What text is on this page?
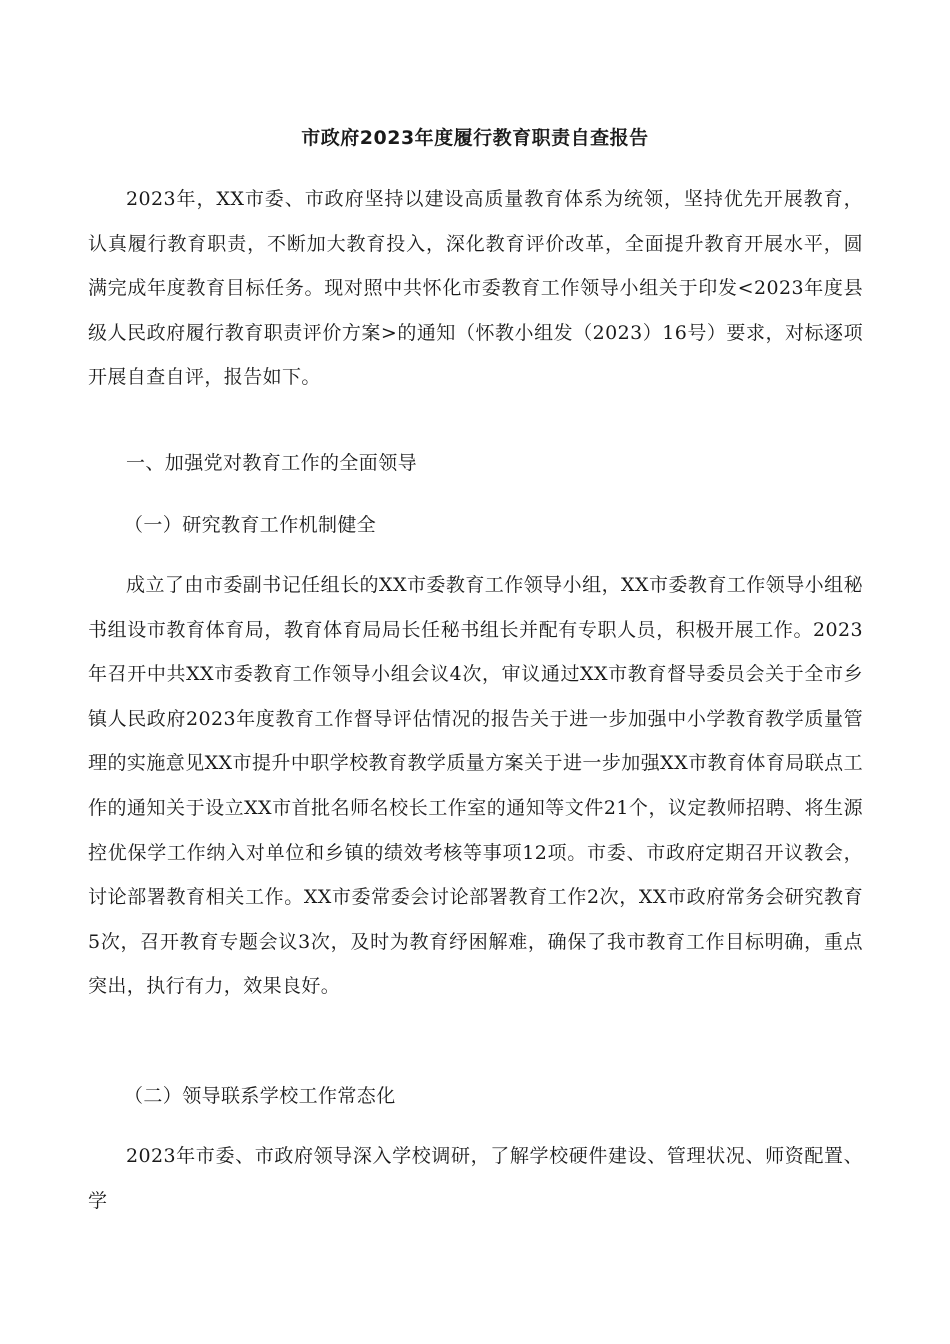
市政府2023年度履行教育职责自查报告

2023年，XX市委、市政府坚持以建设高质量教育体系为统领，坚持优先开展教育，认真履行教育职责，不断加大教育投入，深化教育评价改革，全面提升教育开展水平，圆满完成年度教育目标任务。现对照中共怀化市委教育工作领导小组关于印发<2023年度县级人民政府履行教育职责评价方案>的通知（怀教小组发（2023）16号）要求，对标逐项开展自查自评，报告如下。

一、加强党对教育工作的全面领导

（一）研究教育工作机制健全

成立了由市委副书记任组长的XX市委教育工作领导小组，XX市委教育工作领导小组秘书组设市教育体育局，教育体育局局长任秘书组长并配有专职人员，积极开展工作。2023年召开中共XX市委教育工作领导小组会议4次，审议通过XX市教育督导委员会关于全市乡镇人民政府2023年度教育工作督导评估情况的报告关于进一步加强中小学教育教学质量管理的实施意见XX市提升中职学校教育教学质量方案关于进一步加强XX市教育体育局联点工作的通知关于设立XX市首批名师名校长工作室的通知等文件21个，议定教师招聘、将生源控优保学工作纳入对单位和乡镇的绩效考核等事项12项。市委、市政府定期召开议教会，讨论部署教育相关工作。XX市委常委会讨论部署教育工作2次，XX市政府常务会研究教育5次，召开教育专题会议3次，及时为教育纾困解难，确保了我市教育工作目标明确，重点突出，执行有力，效果良好。

（二）领导联系学校工作常态化

2023年市委、市政府领导深入学校调研，了解学校硬件建设、管理状况、师资配置、学
